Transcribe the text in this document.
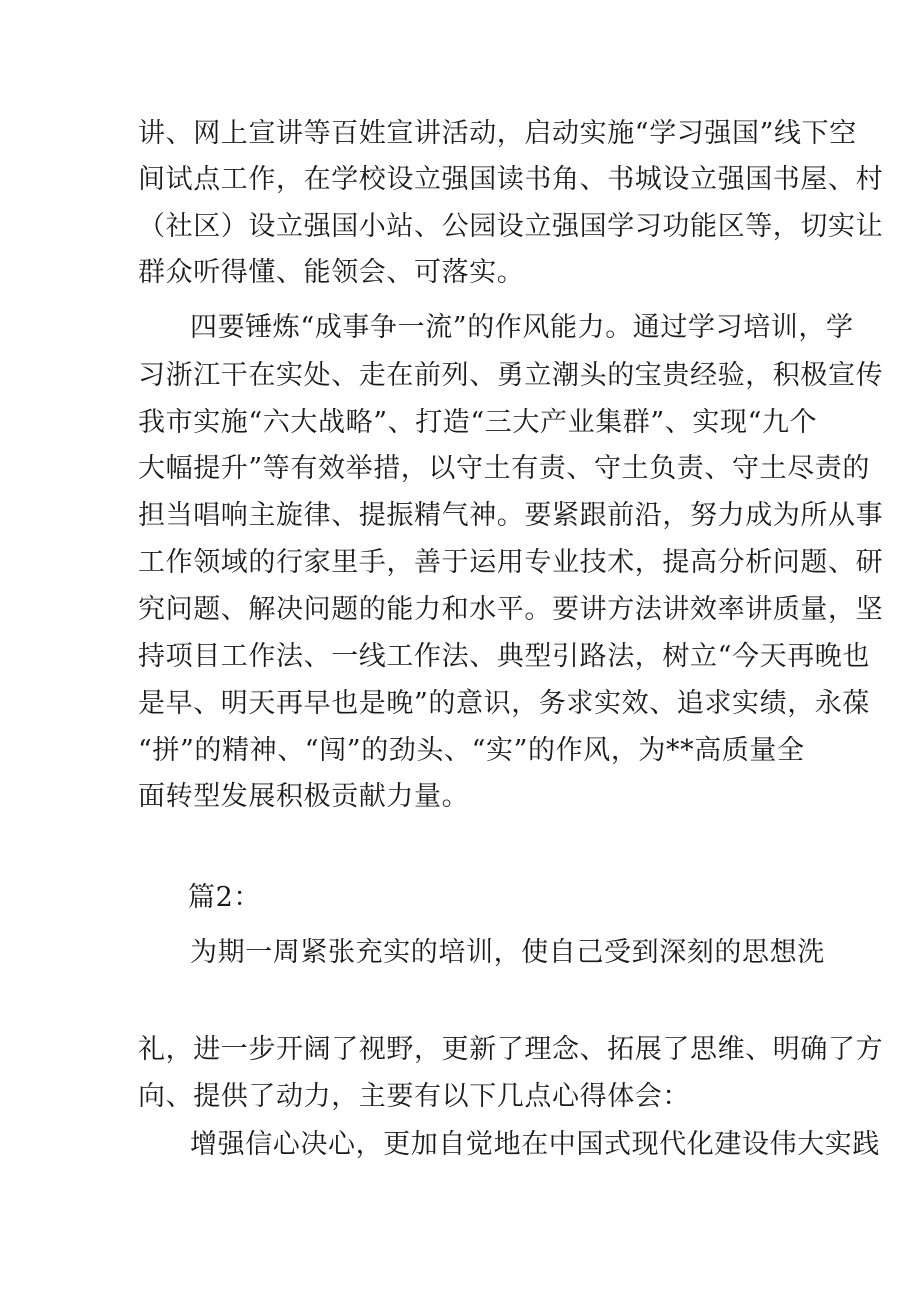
讲、网上宣讲等百姓宣讲活动，启动实施“学习强国”线下空
间试点工作，在学校设立强国读书角、书城设立强国书屋、村
（社区）设立强国小站、公园设立强国学习功能区等，切实让
群众听得懂、能领会、可落实。
四要锤炼“成事争一流”的作风能力。通过学习培训，学
习浙江干在实处、走在前列、勇立潮头的宝贵经验，积极宣传
我市实施“六大战略”、打造“三大产业集群”、实现“九个
大幅提升”等有效举措，以守土有责、守土负责、守土尽责的
担当唱响主旋律、提振精气神。要紧跟前沿，努力成为所从事
工作领域的行家里手，善于运用专业技术，提高分析问题、研
究问题、解决问题的能力和水平。要讲方法讲效率讲质量，坚
持项目工作法、一线工作法、典型引路法，树立“今天再晚也
是早、明天再早也是晚”的意识，务求实效、追求实绩，永葆
“拼”的精神、“闯”的劲头、“实”的作风，为**高质量全
面转型发展积极贡献力量。
篇2：
为期一周紧张充实的培训，使自己受到深刻的思想洗
礼，进一步开阔了视野，更新了理念、拓展了思维、明确了方
向、提供了动力，主要有以下几点心得体会：
增强信心决心，更加自觉地在中国式现代化建设伟大实践
